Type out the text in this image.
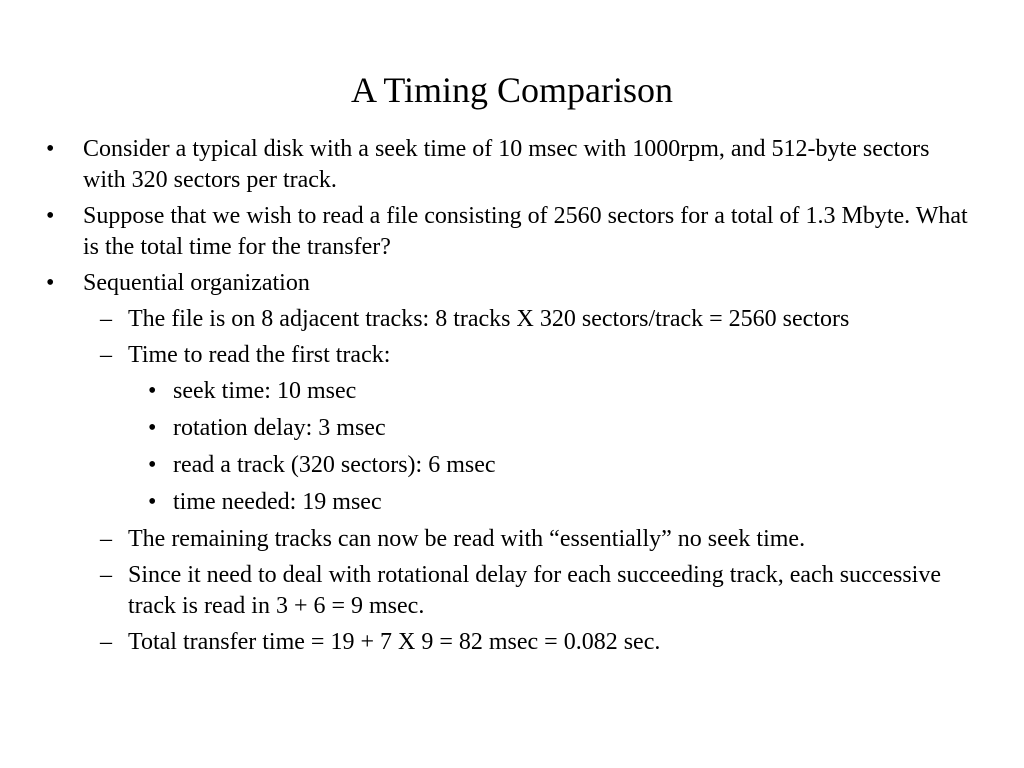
A Timing Comparison
• Consider a typical disk with a seek time of 10 msec with 1000rpm, and 512-byte sectors with 320 sectors per track.
• Suppose that we wish to read a file consisting of 2560 sectors for a total of 1.3 Mbyte. What is the total time for the transfer?
• Sequential organization
– The file is on 8 adjacent tracks: 8 tracks X 320 sectors/track = 2560 sectors
– Time to read the first track:
• seek time: 10 msec
• rotation delay: 3 msec
• read a track (320 sectors): 6 msec
• time needed: 19 msec
– The remaining tracks can now be read with “essentially” no seek time.
– Since it need to deal with rotational delay for each succeeding track, each successive track is read in 3 + 6 = 9 msec.
– Total transfer time = 19 + 7 X 9 = 82 msec = 0.082 sec.
